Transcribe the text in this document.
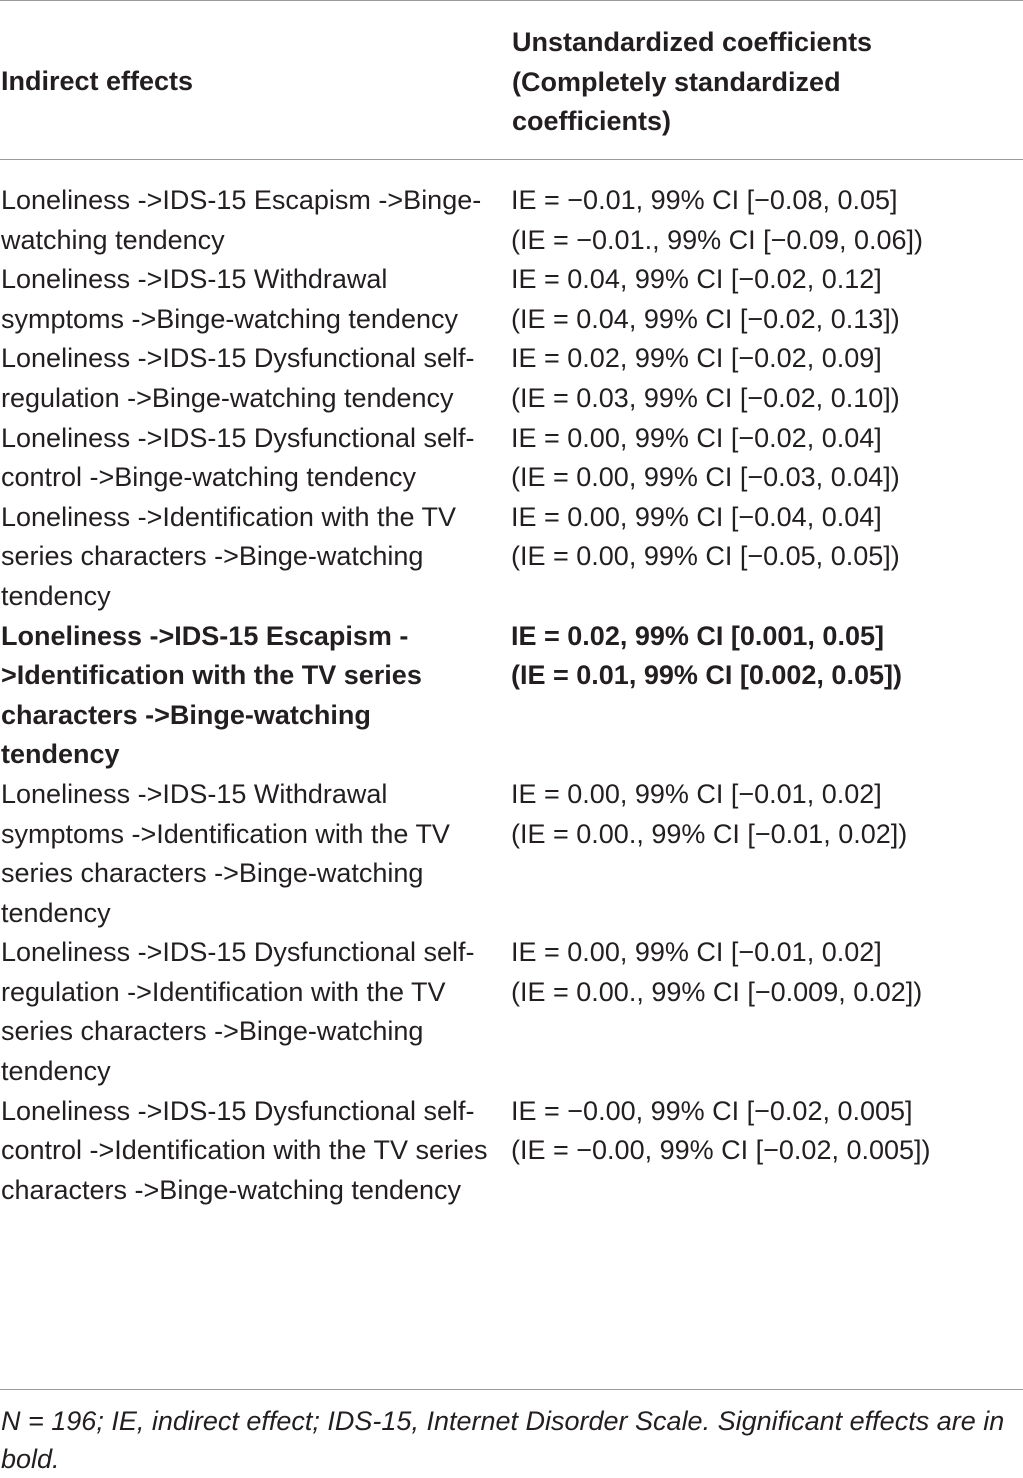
Indirect effects
Unstandardized coefficients
(Completely standardized
coefficients)
Loneliness ->IDS-15 Escapism ->Binge-watching tendency
IE = −0.01, 99% CI [−0.08, 0.05]
(IE = −0.01., 99% CI [−0.09, 0.06])
Loneliness ->IDS-15 Withdrawal symptoms ->Binge-watching tendency
IE = 0.04, 99% CI [−0.02, 0.12]
(IE = 0.04, 99% CI [−0.02, 0.13])
Loneliness ->IDS-15 Dysfunctional self-regulation ->Binge-watching tendency
IE = 0.02, 99% CI [−0.02, 0.09]
(IE = 0.03, 99% CI [−0.02, 0.10])
Loneliness ->IDS-15 Dysfunctional self-control ->Binge-watching tendency
IE = 0.00, 99% CI [−0.02, 0.04]
(IE = 0.00, 99% CI [−0.03, 0.04])
Loneliness ->Identification with the TV series characters ->Binge-watching tendency
IE = 0.00, 99% CI [−0.04, 0.04]
(IE = 0.00, 99% CI [−0.05, 0.05])
Loneliness ->IDS-15 Escapism ->Identification with the TV series characters ->Binge-watching tendency
IE = 0.02, 99% CI [0.001, 0.05]
(IE = 0.01, 99% CI [0.002, 0.05])
Loneliness ->IDS-15 Withdrawal symptoms ->Identification with the TV series characters ->Binge-watching tendency
IE = 0.00, 99% CI [−0.01, 0.02]
(IE = 0.00., 99% CI [−0.01, 0.02])
Loneliness ->IDS-15 Dysfunctional self-regulation ->Identification with the TV series characters ->Binge-watching tendency
IE = 0.00, 99% CI [−0.01, 0.02]
(IE = 0.00., 99% CI [−0.009, 0.02])
Loneliness ->IDS-15 Dysfunctional self-control ->Identification with the TV series characters ->Binge-watching tendency
IE = −0.00, 99% CI [−0.02, 0.005]
(IE = −0.00, 99% CI [−0.02, 0.005])
N = 196; IE, indirect effect; IDS-15, Internet Disorder Scale. Significant effects are in bold.
